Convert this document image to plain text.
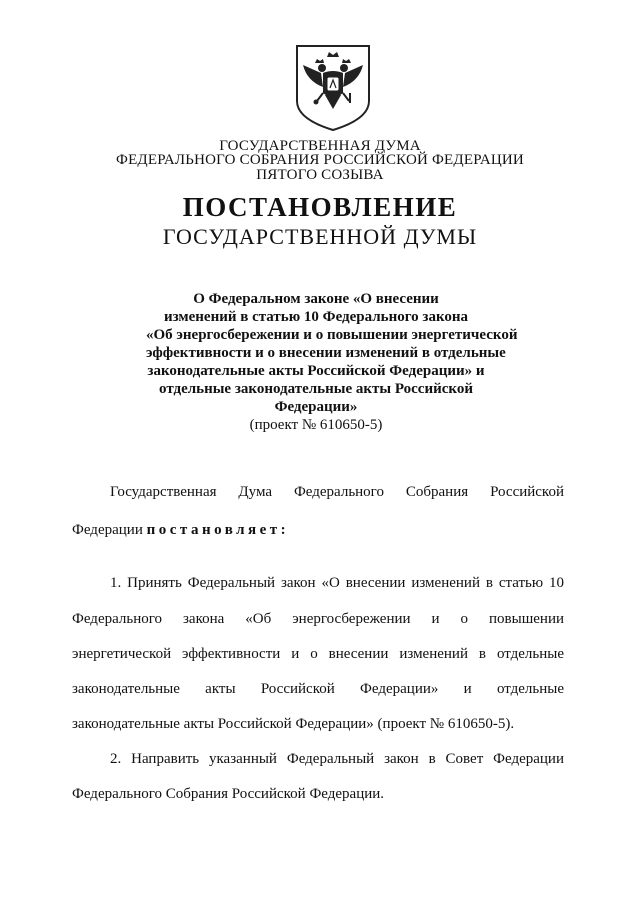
ГОСУДАРСТВЕННАЯ ДУМА
ФЕДЕРАЛЬНОГО СОБРАНИЯ РОССИЙСКОЙ ФЕДЕРАЦИИ
ПЯТОГО СОЗЫВА
ПОСТАНОВЛЕНИЕ
ГОСУДАРСТВЕННОЙ ДУМЫ
О Федеральном законе «О внесении
изменений в статью 10 Федерального закона
«Об энергосбережении и о повышении энергетической
эффективности и о внесении изменений в отдельные
законодательные акты Российской Федерации» и
отдельные законодательные акты Российской
Федерации»
(проект № 610650-5)
Государственная Дума Федерального Собрания Российской
Федерации постановляет:
1. Принять Федеральный закон «О внесении изменений в статью 10
Федерального закона «Об энергосбережении и о повышении
энергетической эффективности и о внесении изменений в отдельные
законодательные акты Российской Федерации» и отдельные
законодательные акты Российской Федерации» (проект № 610650-5).
2. Направить указанный Федеральный закон в Совет Федерации
Федерального Собрания Российской Федерации.
